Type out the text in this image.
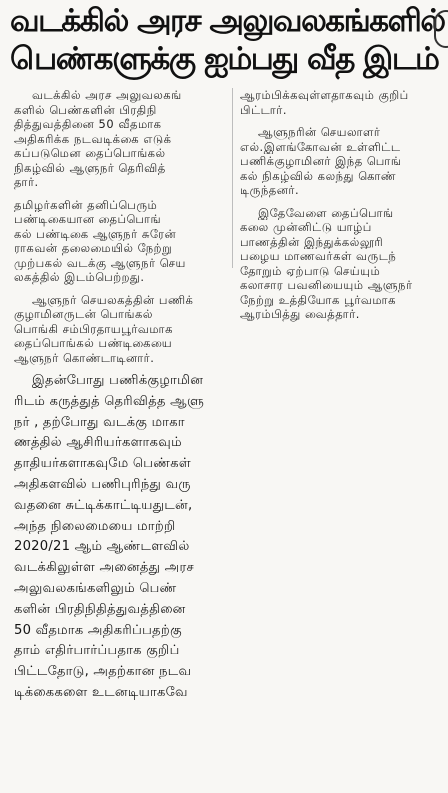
வடக்கில் அரச அலுவலகங்களில்
பெண்களுக்கு ஐம்பது வீத இடம்
வடக்கில் அரச அலுவலகங்
களில் பெண்களின் பிரதிநி
தித்துவத்தினை 50 வீதமாக
அதிகரிக்க நடவடிக்கை எடுக்
கப்படுமென தைப்பொங்கல்
நிகழ்வில் ஆளுநர் தெரிவித்
தார்.
தமிழர்களின் தனிப்பெரும்
பண்டிகையான தைப்பொங்
கல் பண்டிகை ஆளுநர் சுரேன்
ராகவன் தலைமையில் நேற்று
முற்பகல் வடக்கு ஆளுநர் செய
லகத்தில் இடம்பெற்றது.
ஆளுநர் செயலகத்தின் பணிக்
குழாமினருடன் பொங்கல்
பொங்கி சம்பிரதாயபூர்வமாக
தைப்பொங்கல் பண்டிகையை
ஆளுநர் கொண்டாடினார்.
இதன்போது பணிக்குழாமின
ரிடம் கருத்துத் தெரிவித்த ஆளு
நர் , தற்போது வடக்கு மாகா
ணத்தில் ஆசிரியர்களாகவும்
தாதியர்களாகவுமே பெண்கள்
அதிகளவில் பணிபுரிந்து வரு
வதனை சுட்டிக்காட்டியதுடன்,
அந்த நிலைமையை மாற்றி
2020/21 ஆம் ஆண்டளவில்
வடக்கிலுள்ள அனைத்து அரச
அலுவலகங்களிலும் பெண்
களின் பிரதிநிதித்துவத்தினை
50 வீதமாக அதிகரிப்பதற்கு
தாம் எதிர்பார்ப்பதாக குறிப்
பிட்டதோடு, அதற்கான நடவ
டிக்கைகளை உடனடியாகவே
ஆரம்பிக்கவுள்ளதாகவும் குறிப்
பிட்டார்.
ஆளுநரின் செயலாளர்
எல்.இளங்கோவன் உள்ளிட்ட
பணிக்குழாமினர் இந்த பொங்
கல் நிகழ்வில் கலந்து கொண்
டிருந்தனர்.
இதேவேளை தைப்பொங்
கலை முன்னிட்டு யாழ்ப்
பாணத்தின் இந்துக்கல்லூரி
பழைய மாணவர்கள் வருடந்
தோறும் ஏற்பாடு செய்யும்
கலாசார பவனியையும் ஆளுநர்
நேற்று உத்தியோக பூர்வமாக
ஆரம்பித்து வைத்தார்.
